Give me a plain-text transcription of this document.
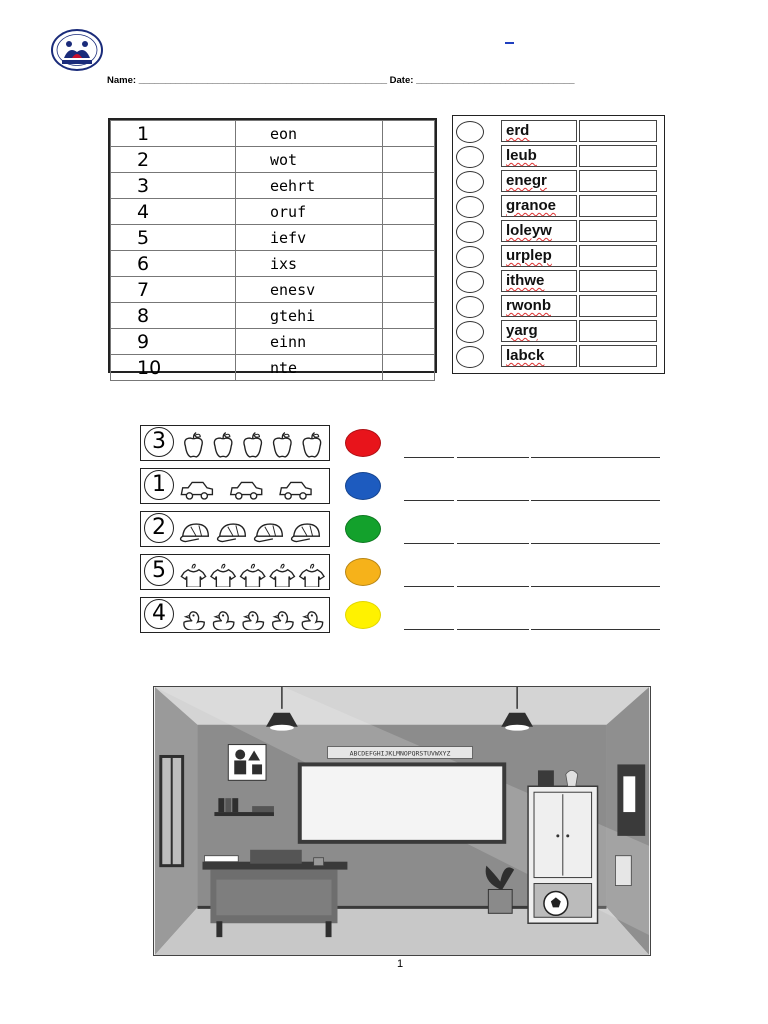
Name: _______________________________________________ Date: ______________________________
1	eon	
2	wot	
3	eehrt	
4	oruf	
5	iefv	
6	ixs	
7	enesv	
8	gtehi	
9	einn	
10	nte	
erd
leub
enegr
granoe
loleyw
urplep
ithwe
rwonb
yarg
labck
3
1
2
5
4
ABCDEFGHIJKLMNOPQRSTUVWXYZ
1
